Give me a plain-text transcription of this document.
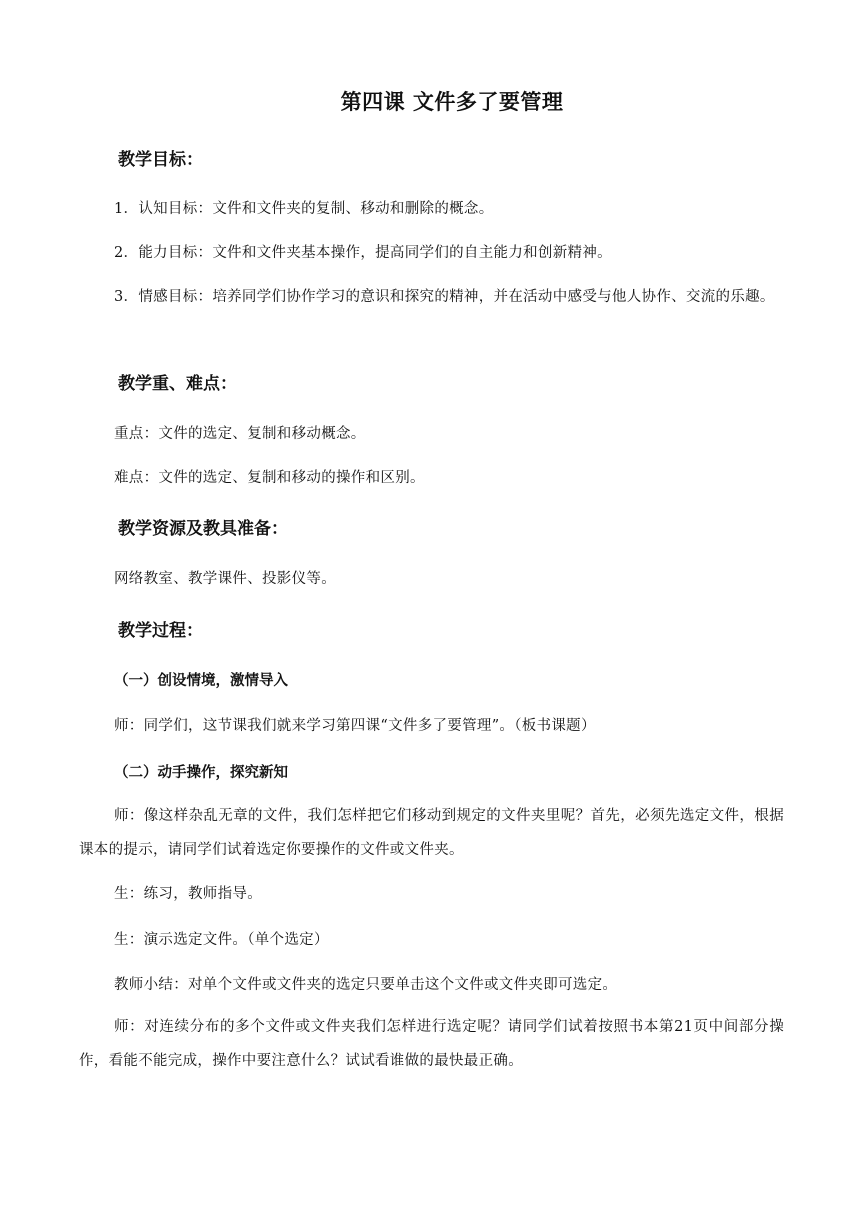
第四课 文件多了要管理
教学目标：

1．认知目标：文件和文件夹的复制、移动和删除的概念。

2．能力目标：文件和文件夹基本操作，提高同学们的自主能力和创新精神。

3．情感目标：培养同学们协作学习的意识和探究的精神，并在活动中感受与他人协作、交流的乐趣。

教学重、难点：

重点：文件的选定、复制和移动概念。

难点：文件的选定、复制和移动的操作和区别。

教学资源及教具准备：

网络教室、教学课件、投影仪等。

教学过程：
（一）创设情境，激情导入

师：同学们，这节课我们就来学习第四课“文件多了要管理”。（板书课题）

（二）动手操作，探究新知

师：像这样杂乱无章的文件，我们怎样把它们移动到规定的文件夹里呢？首先，必须先选定文件，根据课本的提示，请同学们试着选定你要操作的文件或文件夹。

生：练习，教师指导。

生：演示选定文件。（单个选定）

教师小结：对单个文件或文件夹的选定只要单击这个文件或文件夹即可选定。

师：对连续分布的多个文件或文件夹我们怎样进行选定呢？请同学们试着按照书本第21页中间部分操作，看能不能完成，操作中要注意什么？试试看谁做的最快最正确。
